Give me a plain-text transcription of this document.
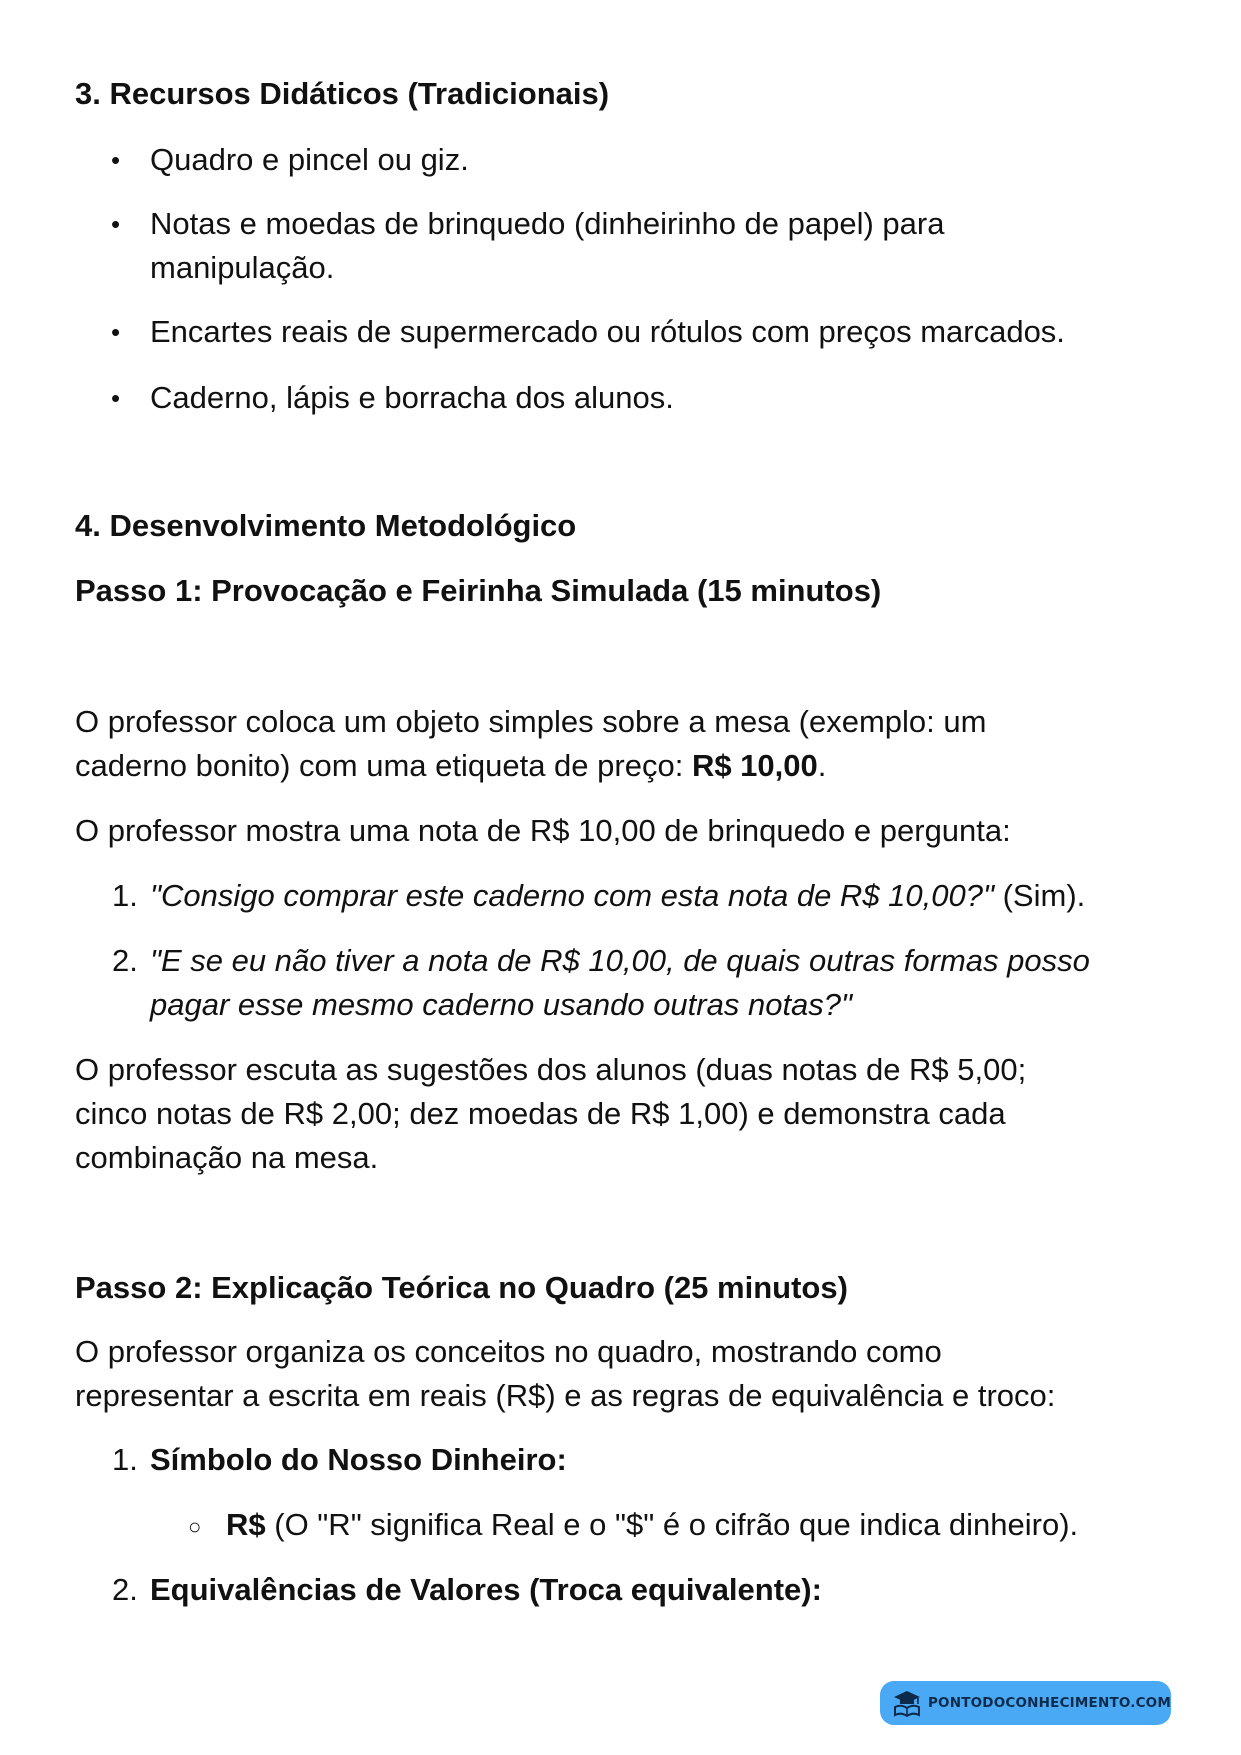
3. Recursos Didáticos (Tradicionais)
• Quadro e pincel ou giz.
• Notas e moedas de brinquedo (dinheirinho de papel) para
manipulação.
• Encartes reais de supermercado ou rótulos com preços marcados.
• Caderno, lápis e borracha dos alunos.
4. Desenvolvimento Metodológico
Passo 1: Provocação e Feirinha Simulada (15 minutos)
O professor coloca um objeto simples sobre a mesa (exemplo: um
caderno bonito) com uma etiqueta de preço: R$ 10,00.
O professor mostra uma nota de R$ 10,00 de brinquedo e pergunta:
1. "Consigo comprar este caderno com esta nota de R$ 10,00?" (Sim).
2. "E se eu não tiver a nota de R$ 10,00, de quais outras formas posso
pagar esse mesmo caderno usando outras notas?"
O professor escuta as sugestões dos alunos (duas notas de R$ 5,00;
cinco notas de R$ 2,00; dez moedas de R$ 1,00) e demonstra cada
combinação na mesa.
Passo 2: Explicação Teórica no Quadro (25 minutos)
O professor organiza os conceitos no quadro, mostrando como
representar a escrita em reais (R$) e as regras de equivalência e troco:
1. Símbolo do Nosso Dinheiro:
○ R$ (O "R" significa Real e o "$" é o cifrão que indica dinheiro).
2. Equivalências de Valores (Troca equivalente):
PONTODOCONHECIMENTO.COM
